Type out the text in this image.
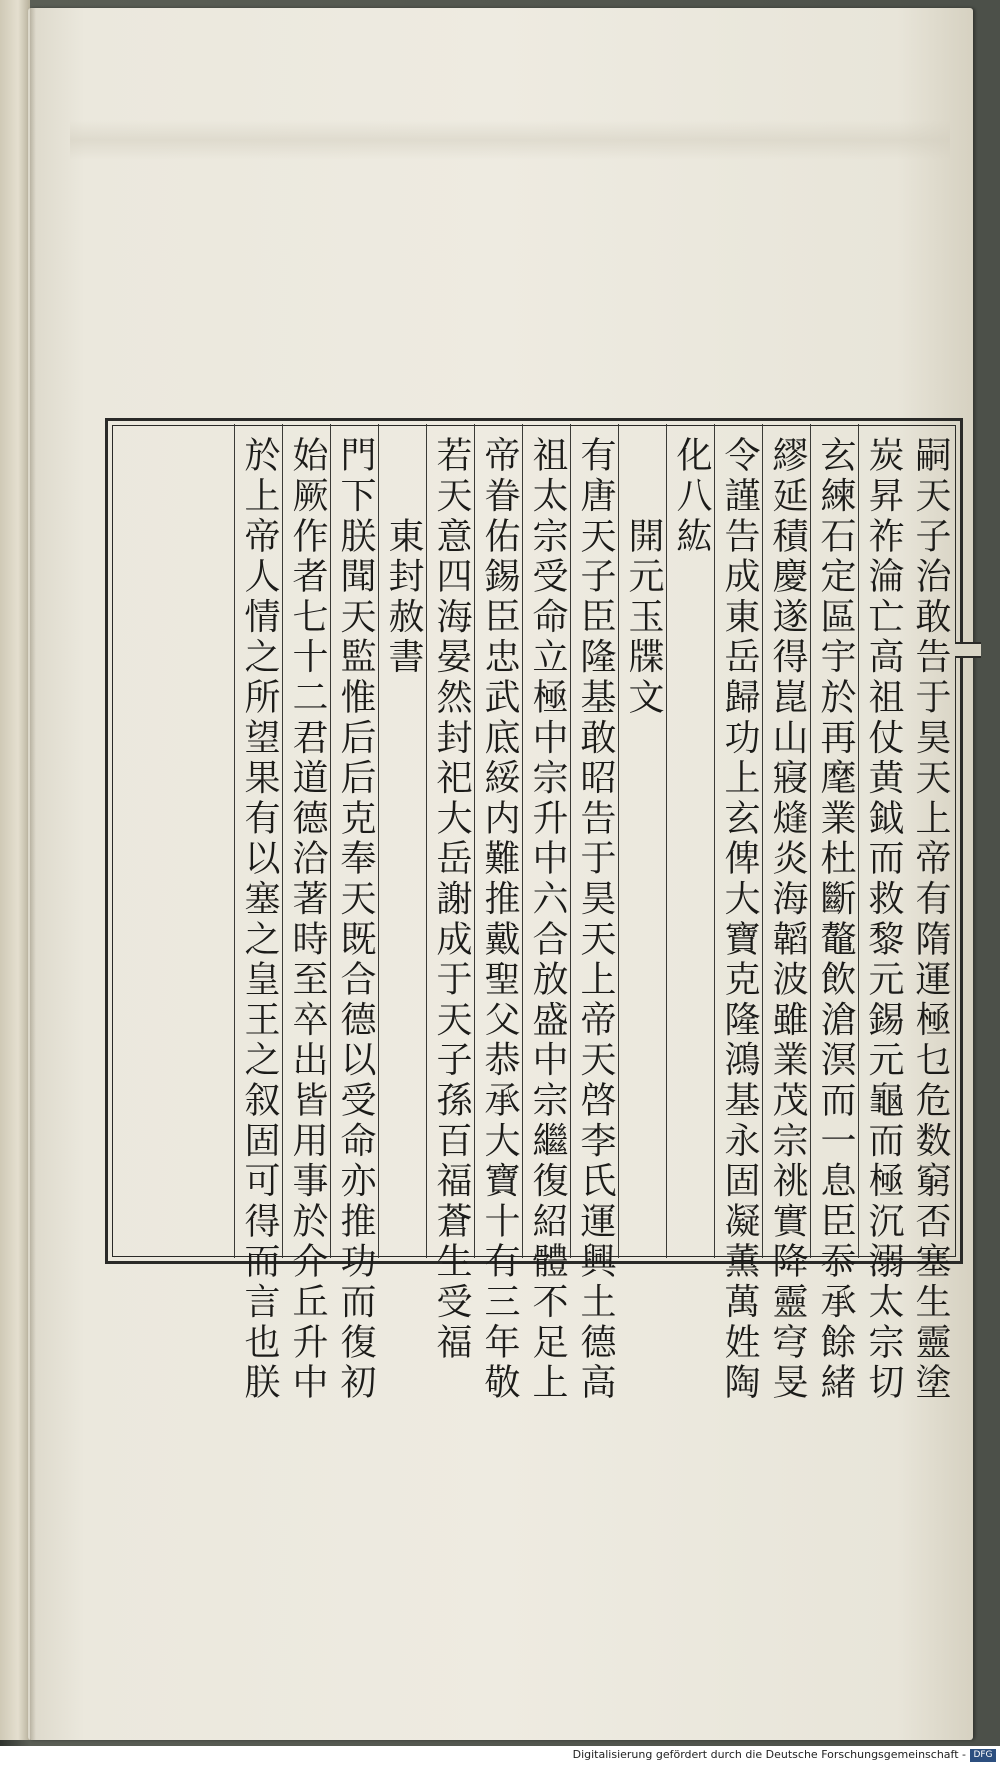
嗣天子治敢告于昊天上帝有隋運極乜危数窮否塞生靈塗
炭昇祚淪亡高祖仗黄鉞而救黎元錫元龜而極沉溺太宗切
玄練石定區宇於再麾業杜斷鼇飲滄溟而一息臣忝承餘緒
繆延積慶遂得崑山寢熢炎海韜波雖業茂宗祧實降靈穹旻
令謹告成東岳歸功上玄俾大寶克隆鴻基永固凝薫萬姓陶
化八紘
　　開元玉牒文
有唐天子臣隆基敢昭告于昊天上帝天啓李氏運興土德高
祖太宗受命立極中宗升中六合放盛中宗繼復紹體不足上
帝眷佑錫臣忠武底綏内難推戴聖父恭承大寶十有三年敬
若天意四海晏然封祀大岳謝成于天子孫百福蒼生受福
　　東封赦書
門下朕聞天監惟后后克奉天既合德以受命亦推功而復初
始厥作者七十二君道德洽著時至卒出皆用事於介丘升中
於上帝人情之所望果有以塞之皇王之叙固可得而言也朕
Digitalisierung gefördert durch die Deutsche Forschungsgemeinschaft - DFG
